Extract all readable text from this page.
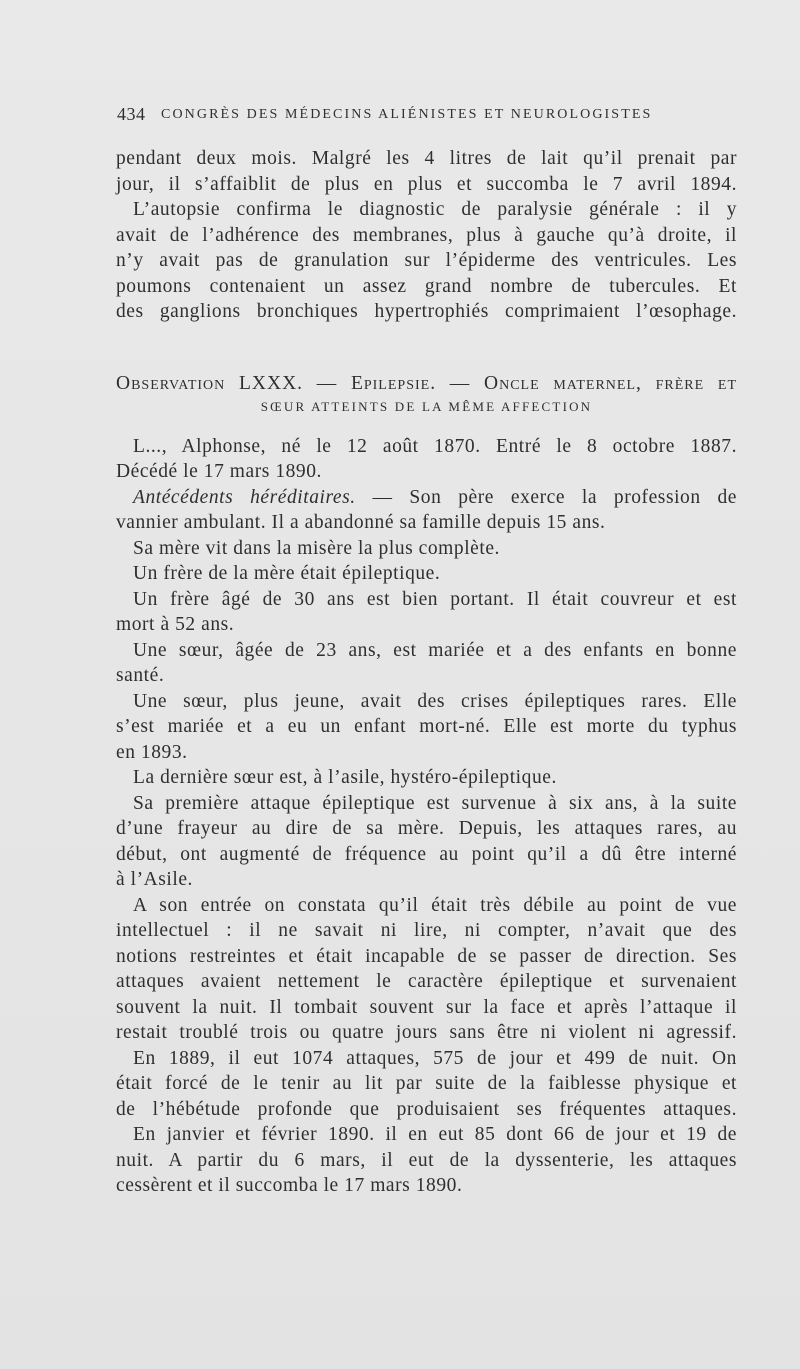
434 CONGRÈS DES MÉDECINS ALIÉNISTES ET NEUROLOGISTES
pendant deux mois. Malgré les 4 litres de lait qu’il prenait par
jour, il s’affaiblit de plus en plus et succomba le 7 avril 1894.
L’autopsie confirma le diagnostic de paralysie générale : il y
avait de l’adhérence des membranes, plus à gauche qu’à droite, il
n’y avait pas de granulation sur l’épiderme des ventricules. Les
poumons contenaient un assez grand nombre de tubercules. Et
des ganglions bronchiques hypertrophiés comprimaient l’œsophage.
Observation LXXX. — Epilepsie. — Oncle maternel, frère et
SŒUR ATTEINTS DE LA MÊME AFFECTION
L..., Alphonse, né le 12 août 1870. Entré le 8 octobre 1887.
Décédé le 17 mars 1890.
Antécédents héréditaires. — Son père exerce la profession de
vannier ambulant. Il a abandonné sa famille depuis 15 ans.
Sa mère vit dans la misère la plus complète.
Un frère de la mère était épileptique.
Un frère âgé de 30 ans est bien portant. Il était couvreur et est
mort à 52 ans.
Une sœur, âgée de 23 ans, est mariée et a des enfants en bonne
santé.
Une sœur, plus jeune, avait des crises épileptiques rares. Elle
s’est mariée et a eu un enfant mort-né. Elle est morte du typhus
en 1893.
La dernière sœur est, à l’asile, hystéro-épileptique.
Sa première attaque épileptique est survenue à six ans, à la suite
d’une frayeur au dire de sa mère. Depuis, les attaques rares, au
début, ont augmenté de fréquence au point qu’il a dû être interné
à l’Asile.
A son entrée on constata qu’il était très débile au point de vue
intellectuel : il ne savait ni lire, ni compter, n’avait que des
notions restreintes et était incapable de se passer de direction. Ses
attaques avaient nettement le caractère épileptique et survenaient
souvent la nuit. Il tombait souvent sur la face et après l’attaque il
restait troublé trois ou quatre jours sans être ni violent ni agressif.
En 1889, il eut 1074 attaques, 575 de jour et 499 de nuit. On
était forcé de le tenir au lit par suite de la faiblesse physique et
de l’hébétude profonde que produisaient ses fréquentes attaques.
En janvier et février 1890. il en eut 85 dont 66 de jour et 19 de
nuit. A partir du 6 mars, il eut de la dyssenterie, les attaques
cessèrent et il succomba le 17 mars 1890.
